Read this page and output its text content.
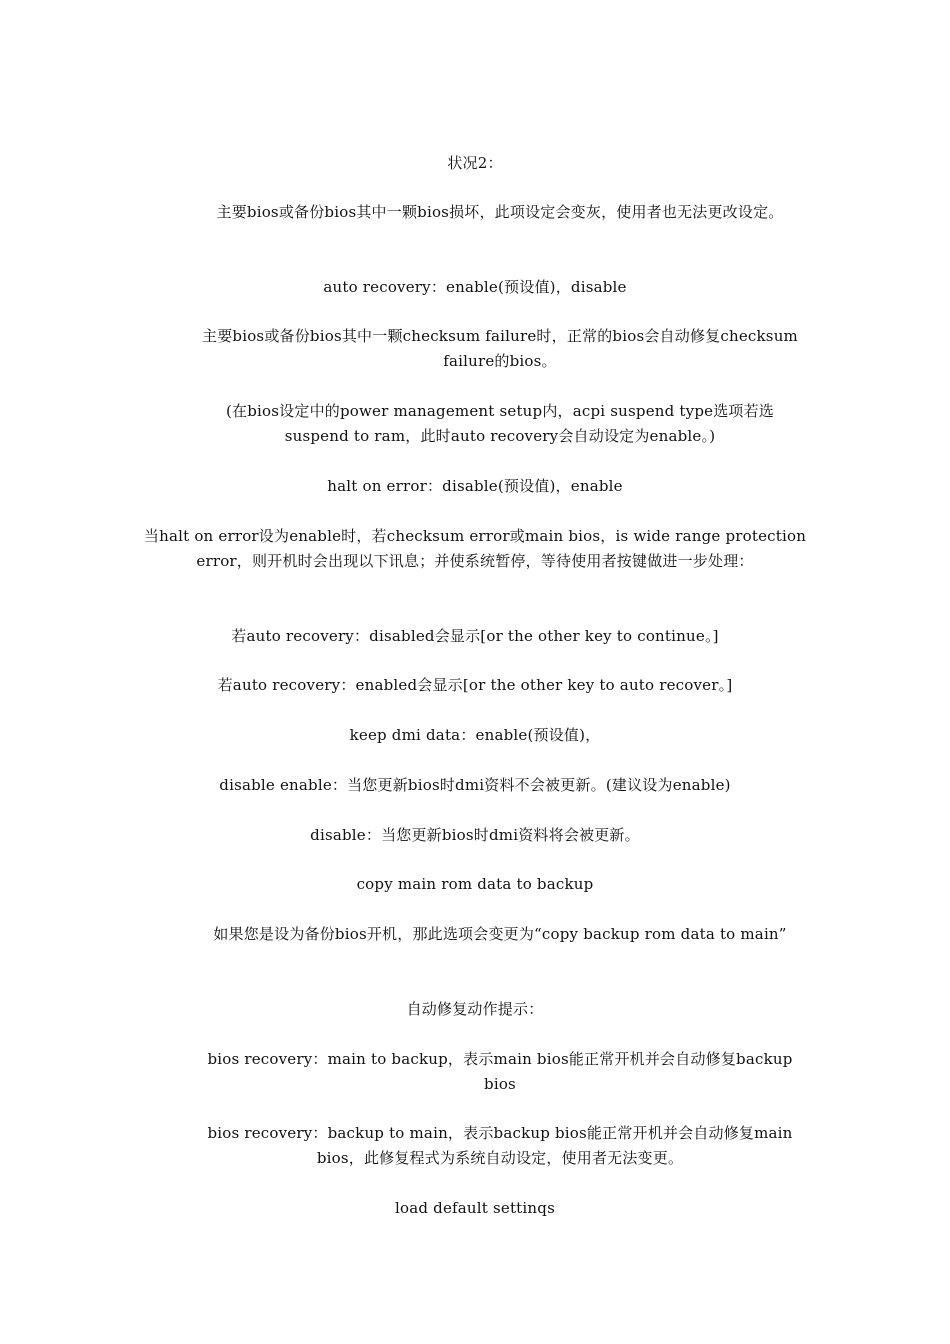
状况2：
主要bios或备份bios其中一颗bios损坏，此项设定会变灰，使用者也无法更改设定。
auto recovery：enable(预设值)，disable
主要bios或备份bios其中一颗checksum failure时，正常的bios会自动修复checksum failure的bios。
(在bios设定中的power management setup内，acpi suspend type选项若选suspend to ram，此时auto recovery会自动设定为enable。)
halt on error：disable(预设值)，enable
当halt on error设为enable时，若checksum error或main bios，is wide range protection error，则开机时会出现以下讯息；并使系统暂停，等待使用者按键做进一步处理：
若auto recovery：disabled会显示[or the other key to continue。]
若auto recovery：enabled会显示[or the other key to auto recover。]
keep dmi data：enable(预设值)，
disable enable：当您更新bios时dmi资料不会被更新。(建议设为enable)
disable：当您更新bios时dmi资料将会被更新。
copy main rom data to backup
如果您是设为备份bios开机，那此选项会变更为“copy backup rom data to main”
自动修复动作提示：
bios recovery：main to backup，表示main bios能正常开机并会自动修复backup bios
bios recovery：backup to main，表示backup bios能正常开机并会自动修复main bios，此修复程式为系统自动设定，使用者无法变更。
load default settinqs
